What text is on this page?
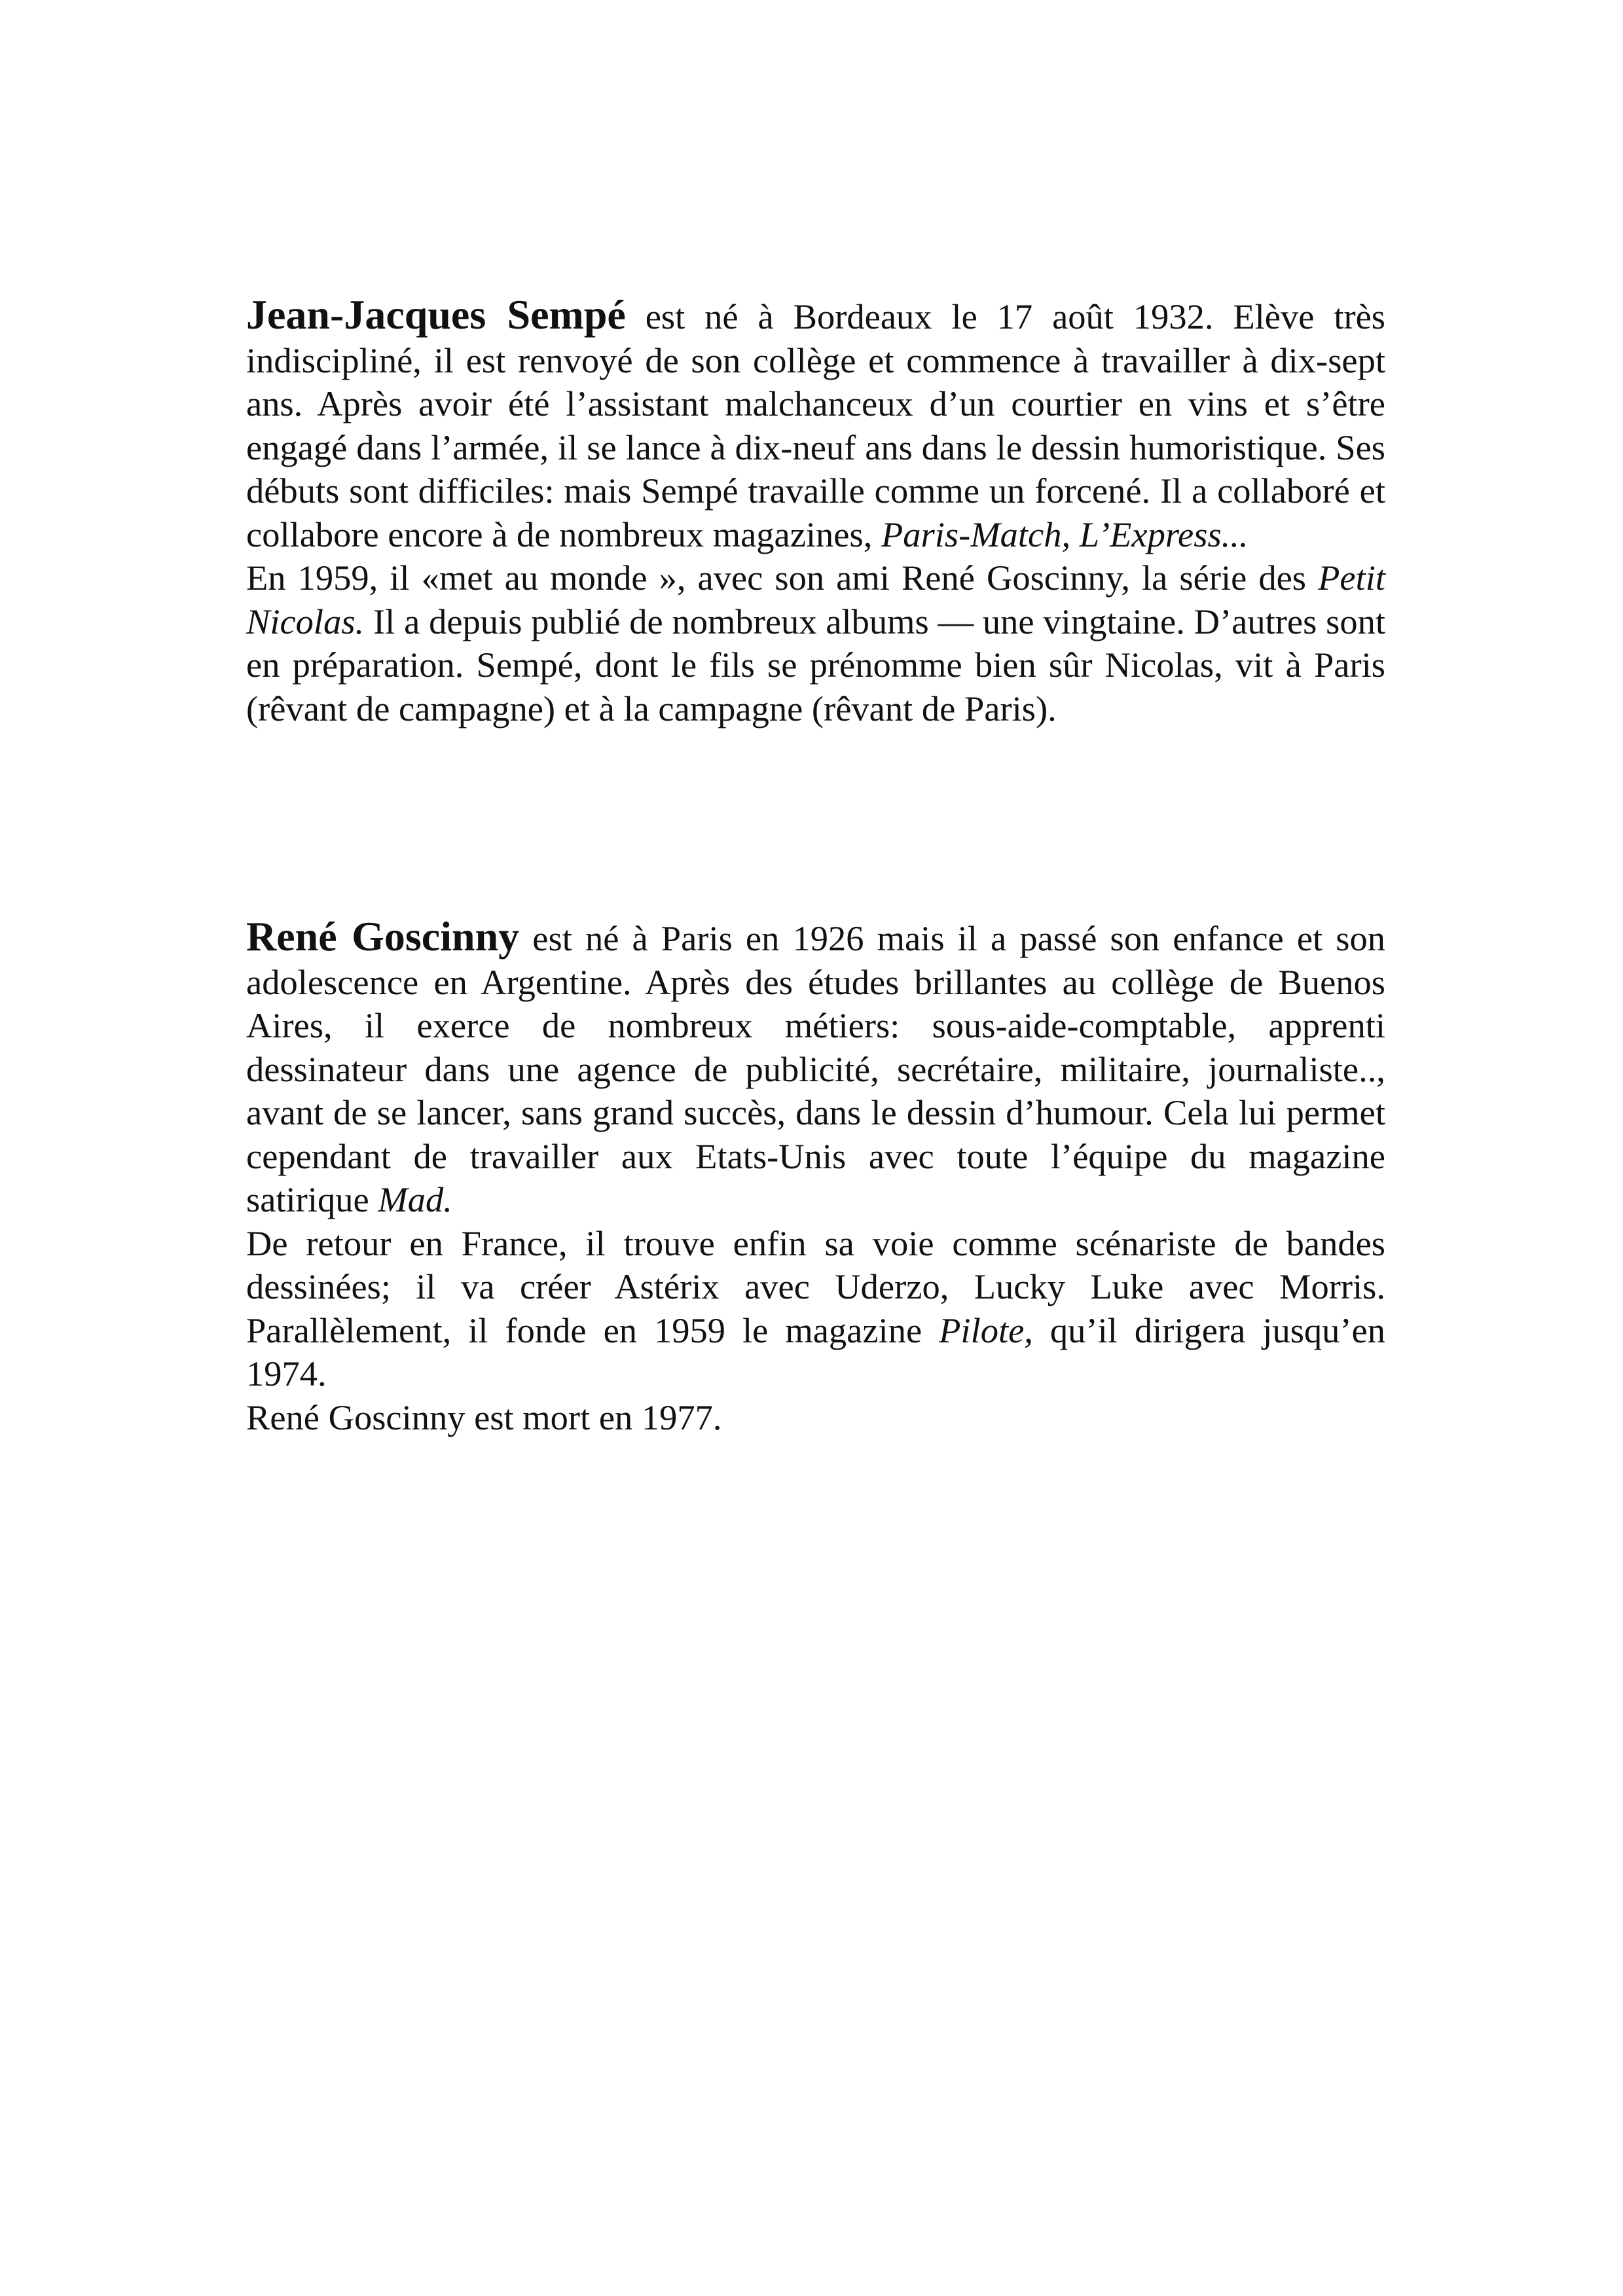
Jean-Jacques Sempé est né à Bordeaux le 17 août 1932. Elève très indiscipliné, il est renvoyé de son collège et commence à travailler à dix-sept ans. Après avoir été l’assistant malchanceux d’un courtier en vins et s’être engagé dans l’armée, il se lance à dix-neuf ans dans le dessin humoristique. Ses débuts sont difficiles: mais Sempé travaille comme un forcené. Il a collaboré et collabore encore à de nombreux magazines, Paris-Match, L’Express...

En 1959, il «met au monde », avec son ami René Goscinny, la série des Petit Nicolas. Il a depuis publié de nombreux albums — une vingtaine. D’autres sont en préparation. Sempé, dont le fils se prénomme bien sûr Nicolas, vit à Paris (rêvant de campagne) et à la campagne (rêvant de Paris).

René Goscinny est né à Paris en 1926 mais il a passé son enfance et son adolescence en Argentine. Après des études brillantes au collège de Buenos Aires, il exerce de nombreux métiers: sous-aide-comptable, apprenti dessinateur dans une agence de publicité, secrétaire, militaire, journaliste.., avant de se lancer, sans grand succès, dans le dessin d’humour. Cela lui permet cependant de travailler aux Etats-Unis avec toute l’équipe du magazine satirique Mad.

De retour en France, il trouve enfin sa voie comme scénariste de bandes dessinées; il va créer Astérix avec Uderzo, Lucky Luke avec Morris. Parallèlement, il fonde en 1959 le magazine Pilote, qu’il dirigera jusqu’en 1974.

René Goscinny est mort en 1977.
